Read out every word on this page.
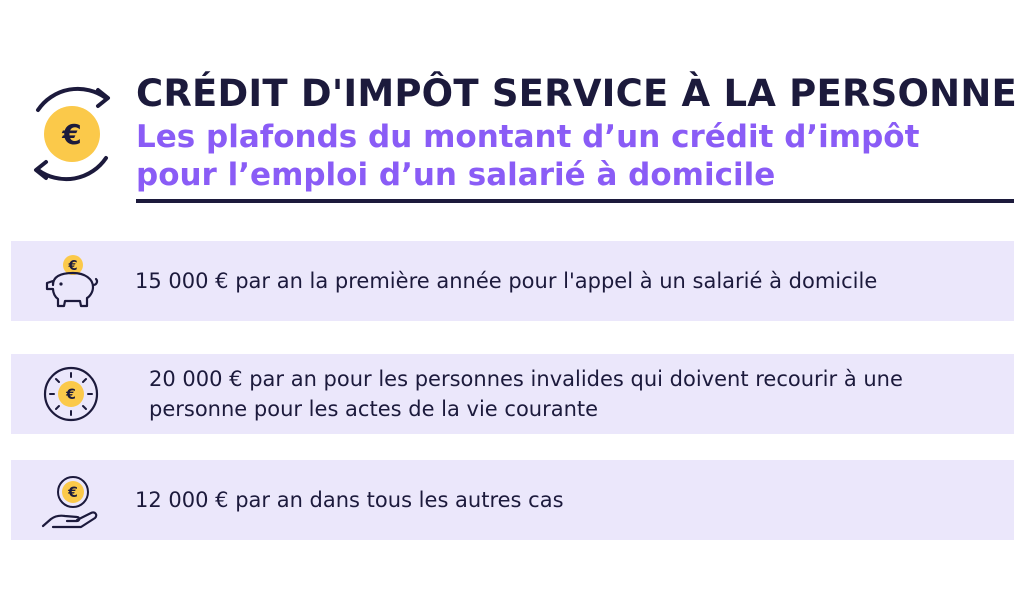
€
CRÉDIT D'IMPÔT SERVICE À LA PERSONNE
Les plafonds du montant d’un crédit d’impôt pour l’emploi d’un salarié à domicile
€
15 000 € par an la première année pour l'appel à un salarié à domicile
€
20 000 € par an pour les personnes invalides qui doivent recourir à une personne pour les actes de la vie courante
€	12 000 € par an dans tous les autres cas
